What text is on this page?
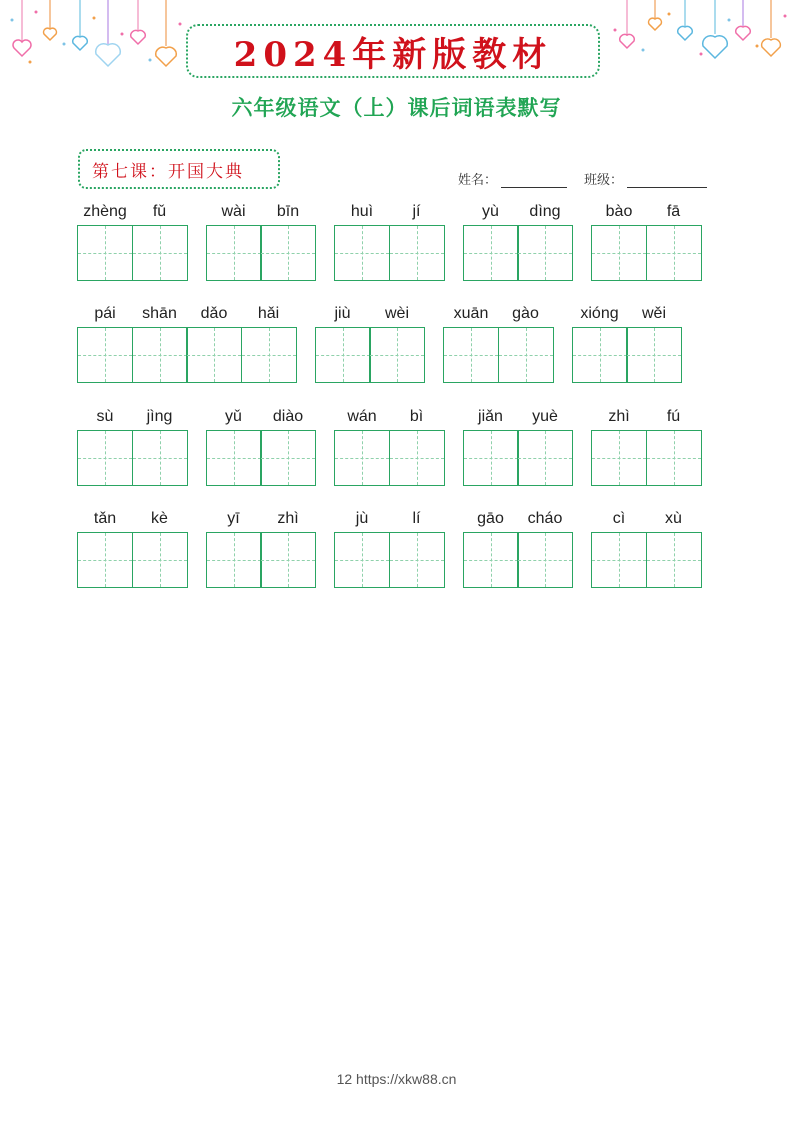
2024年新版教材
六年级语文（上）课后词语表默写
第七课：开国大典	姓名：	班级：
zhèng	fǔ	wài	bīn	huì	jí	yù	dìng	bào	fā
pái	shān	dǎo	hǎi	jiù	wèi	xuān	gào	xióng	wěi
sù	jìng	yǔ	diào	wán	bì	jiǎn	yuè	zhì	fú
tǎn	kè	yī	zhì	jù	lí	gāo	cháo	cì	xù
12 https://xkw88.cn
